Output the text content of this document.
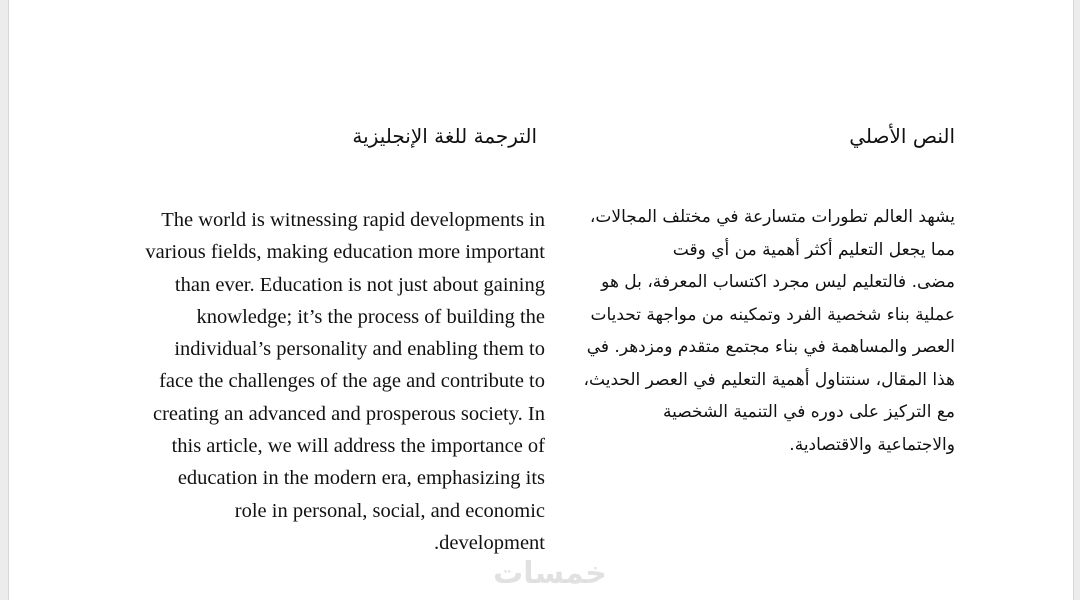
النص الأصلي
الترجمة للغة الإنجليزية
يشهد العالم تطورات متسارعة في مختلف المجالات،
مما يجعل التعليم أكثر أهمية من أي وقت
مضى. فالتعليم ليس مجرد اكتساب المعرفة، بل هو
عملية بناء شخصية الفرد وتمكينه من مواجهة تحديات
العصر والمساهمة في بناء مجتمع متقدم ومزدهر. في
هذا المقال، سنتناول أهمية التعليم في العصر الحديث،
مع التركيز على دوره في التنمية الشخصية
والاجتماعية والاقتصادية.
The world is witnessing rapid developments in
various fields, making education more important
than ever. Education is not just about gaining
knowledge; it’s the process of building the
individual’s personality and enabling them to
face the challenges of the age and contribute to
creating an advanced and prosperous society. In
this article, we will address the importance of
education in the modern era, emphasizing its
role in personal, social, and economic
.development
خمسات
